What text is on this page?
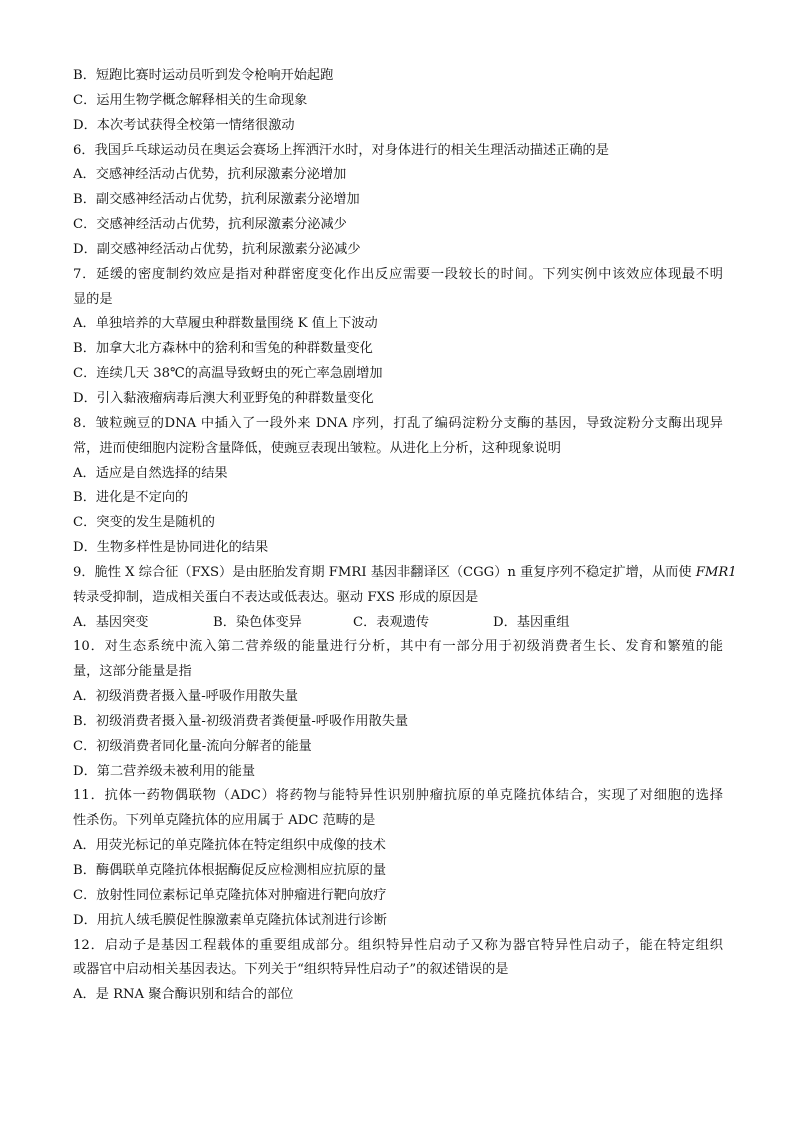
B．短跑比赛时运动员听到发令枪响开始起跑
C．运用生物学概念解释相关的生命现象
D．本次考试获得全校第一情绪很激动
6．我国乒乓球运动员在奥运会赛场上挥洒汗水时，对身体进行的相关生理活动描述正确的是
A．交感神经活动占优势，抗利尿激素分泌增加
B．副交感神经活动占优势，抗利尿激素分泌增加
C．交感神经活动占优势，抗利尿激素分泌减少
D．副交感神经活动占优势，抗利尿激素分泌减少
7．延缓的密度制约效应是指对种群密度变化作出反应需要一段较长的时间。下列实例中该效应体现最不明
显的是
A．单独培养的大草履虫种群数量围绕 K 值上下波动
B．加拿大北方森林中的猞利和雪兔的种群数量变化
C．连续几天 38℃的高温导致蚜虫的死亡率急剧增加
D．引入黏液瘤病毒后澳大利亚野兔的种群数量变化
8．皱粒豌豆的DNA 中插入了一段外来 DNA 序列，打乱了编码淀粉分支酶的基因，导致淀粉分支酶出现异
常，进而使细胞内淀粉含量降低，使豌豆表现出皱粒。从进化上分析，这种现象说明
A．适应是自然选择的结果
B．进化是不定向的
C．突变的发生是随机的
D．生物多样性是协同进化的结果
9．脆性 X 综合征（FXS）是由胚胎发育期 FMRI 基因非翻译区（CGG）n 重复序列不稳定扩增，从而使 FMR1
转录受抑制，造成相关蛋白不表达或低表达。驱动 FXS 形成的原因是
A．基因突变	B．染色体变异	C．表观遗传	D．基因重组
10．对生态系统中流入第二营养级的能量进行分析，其中有一部分用于初级消费者生长、发育和繁殖的能
量，这部分能量是指
A．初级消费者摄入量-呼吸作用散失量
B．初级消费者摄入量-初级消费者粪便量-呼吸作用散失量
C．初级消费者同化量-流向分解者的能量
D．第二营养级未被利用的能量
11．抗体一药物偶联物（ADC）将药物与能特异性识别肿瘤抗原的单克隆抗体结合，实现了对细胞的选择
性杀伤。下列单克隆抗体的应用属于 ADC 范畴的是
A．用荧光标记的单克隆抗体在特定组织中成像的技术
B．酶偶联单克隆抗体根据酶促反应检测相应抗原的量
C．放射性同位素标记单克隆抗体对肿瘤进行靶向放疗
D．用抗人绒毛膜促性腺激素单克隆抗体试剂进行诊断
12．启动子是基因工程载体的重要组成部分。组织特异性启动子又称为器官特异性启动子，能在特定组织
或器官中启动相关基因表达。下列关于“组织特异性启动子”的叙述错误的是
A．是 RNA 聚合酶识别和结合的部位
